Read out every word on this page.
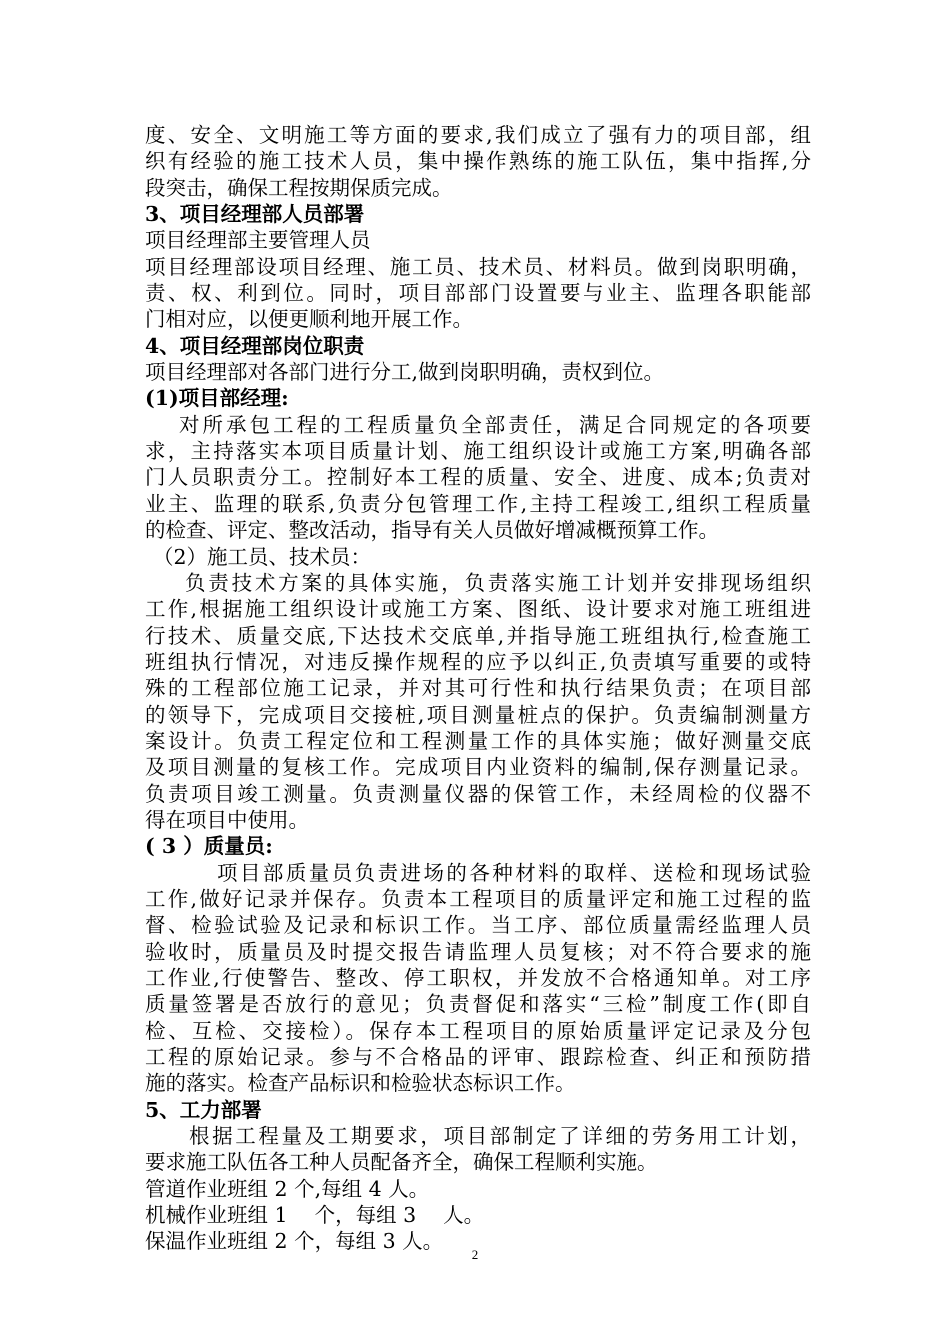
度、安全、文明施工等方面的要求,我们成立了强有力的项目部，组
织有经验的施工技术人员，集中操作熟练的施工队伍，集中指挥,分
段突击，确保工程按期保质完成。
3、项目经理部人员部署
项目经理部主要管理人员
项目经理部设项目经理、施工员、技术员、材料员。做到岗职明确，
责、权、利到位。同时，项目部部门设置要与业主、监理各职能部
门相对应，以便更顺利地开展工作。
4、项目经理部岗位职责
项目经理部对各部门进行分工,做到岗职明确，责权到位。
(1)项目部经理:
对所承包工程的工程质量负全部责任，满足合同规定的各项要
求，主持落实本项目质量计划、施工组织设计或施工方案,明确各部
门人员职责分工。控制好本工程的质量、安全、进度、成本;负责对
业主、监理的联系,负责分包管理工作,主持工程竣工,组织工程质量
的检查、评定、整改活动，指导有关人员做好增减概预算工作。
（2）施工员、技术员：
负责技术方案的具体实施，负责落实施工计划并安排现场组织
工作,根据施工组织设计或施工方案、图纸、设计要求对施工班组进
行技术、质量交底,下达技术交底单,并指导施工班组执行,检查施工
班组执行情况，对违反操作规程的应予以纠正,负责填写重要的或特
殊的工程部位施工记录，并对其可行性和执行结果负责；在项目部
的领导下，完成项目交接桩,项目测量桩点的保护。负责编制测量方
案设计。负责工程定位和工程测量工作的具体实施；做好测量交底
及项目测量的复核工作。完成项目内业资料的编制,保存测量记录。
负责项目竣工测量。负责测量仪器的保管工作，未经周检的仪器不
得在项目中使用。
( 3 ）质量员:
项目部质量员负责进场的各种材料的取样、送检和现场试验
工作,做好记录并保存。负责本工程项目的质量评定和施工过程的监
督、检验试验及记录和标识工作。当工序、部位质量需经监理人员
验收时，质量员及时提交报告请监理人员复核；对不符合要求的施
工作业,行使警告、整改、停工职权，并发放不合格通知单。对工序
质量签署是否放行的意见；负责督促和落实“三检”制度工作(即自
检、互检、交接检）。保存本工程项目的原始质量评定记录及分包
工程的原始记录。参与不合格品的评审、跟踪检查、纠正和预防措
施的落实。检查产品标识和检验状态标识工作。
5、工力部署
根据工程量及工期要求，项目部制定了详细的劳务用工计划，
要求施工队伍各工种人员配备齐全，确保工程顺利实施。
管道作业班组 2 个,每组 4 人。
机械作业班组 1　 个，每组 3　 人。
保温作业班组 2 个，每组 3 人。
2
